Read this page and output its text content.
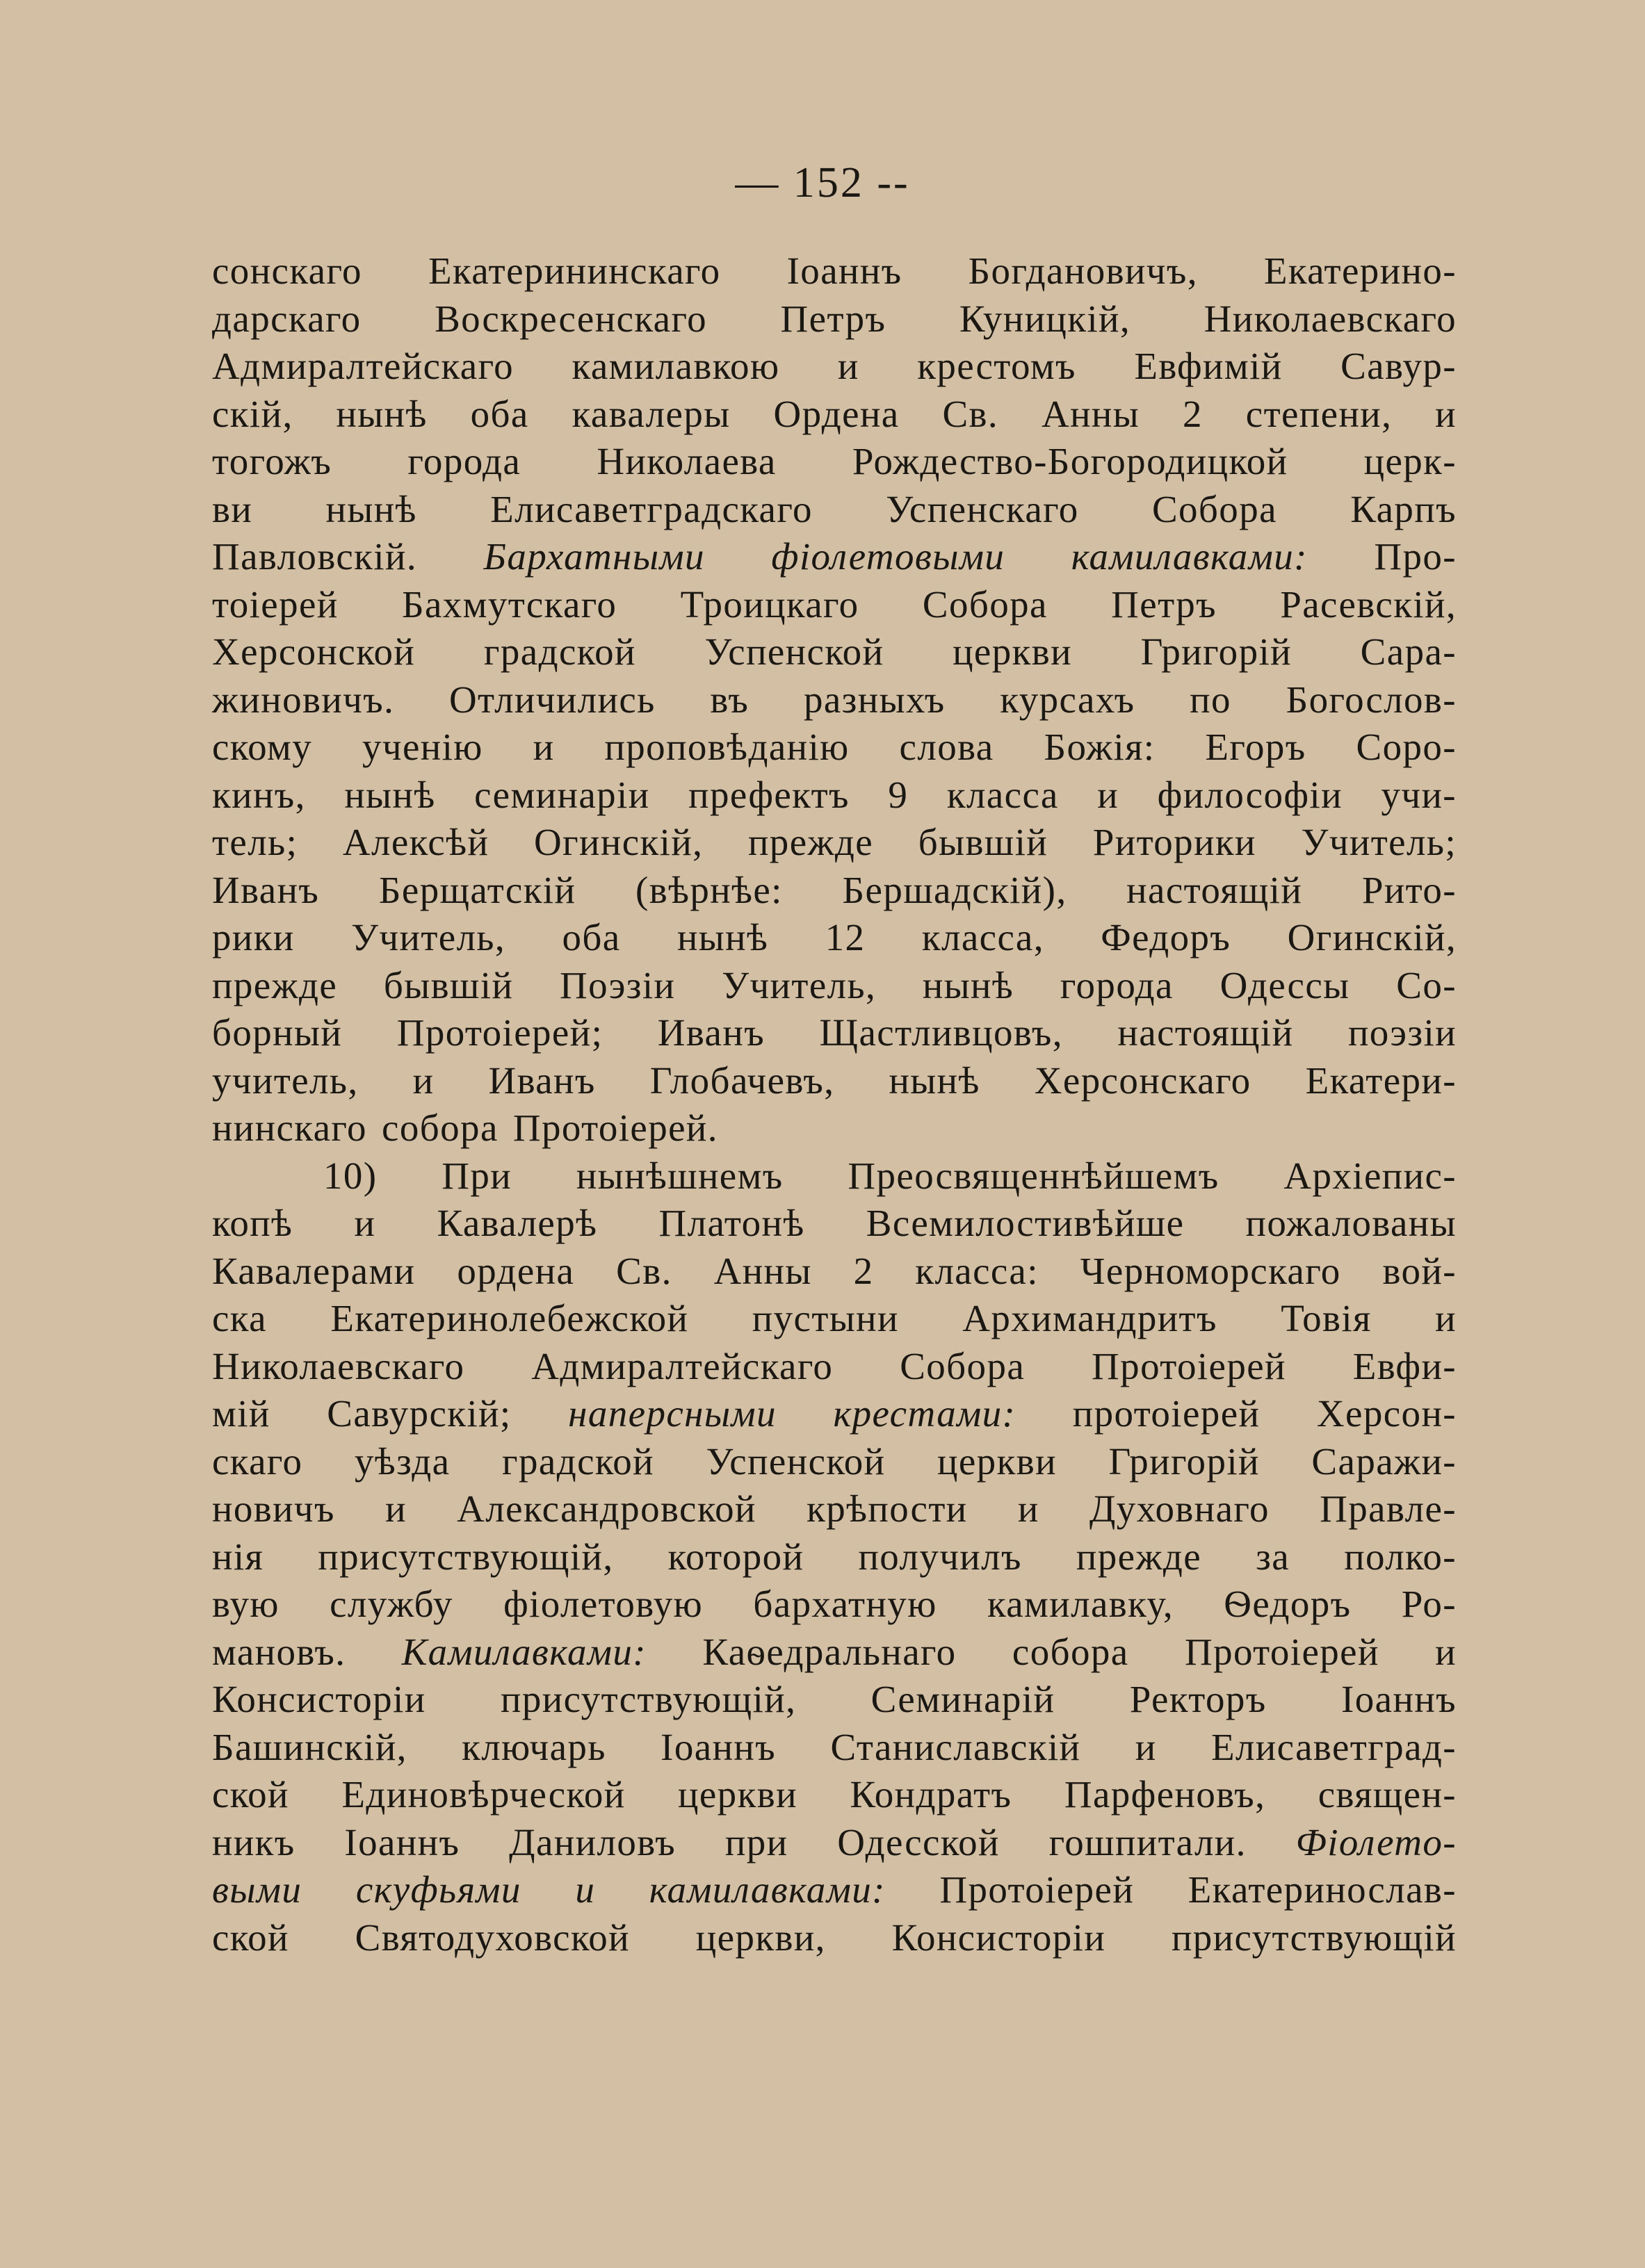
— 152 --
сонскаго Екатерининскаго Іоаннъ Богдановичъ, Екатерино-
дарскаго Воскресенскаго Петръ Куницкій, Николаевскаго
Адмиралтейскаго камилавкою и крестомъ Евфимій Савур-
скій, нынѣ оба кавалеры Ордена Св. Анны 2 степени, и
тогожъ города Николаева Рождество-Богородицкой церк-
ви нынѣ Елисаветградскаго Успенскаго Собора Карпъ
Павловскій. Бархатными фіолетовыми камилавками: Про-
тоіерей Бахмутскаго Троицкаго Собора Петръ Расевскій,
Херсонской градской Успенской церкви Григорій Сара-
жиновичъ. Отличились въ разныхъ курсахъ по Богослов-
скому ученію и проповѣданію слова Божія: Егоръ Соро-
кинъ, нынѣ семинаріи префектъ 9 класса и философіи учи-
тель; Алексѣй Огинскій, прежде бывшій Риторики Учитель;
Иванъ Берщатскій (вѣрнѣе: Бершадскій), настоящій Рито-
рики Учитель, оба нынѣ 12 класса, Федоръ Огинскій,
прежде бывшій Поэзіи Учитель, нынѣ города Одессы Со-
борный Протоіерей; Иванъ Щастливцовъ, настоящій поэзіи
учитель, и Иванъ Глобачевъ, нынѣ Херсонскаго Екатери-
нинскаго собора Протоіерей.
10) При нынѣшнемъ Преосвященнѣйшемъ Архіепис-
копѣ и Кавалерѣ Платонѣ Всемилостивѣйше пожалованы
Кавалерами ордена Св. Анны 2 класса: Черноморскаго вой-
ска Екатеринолебежской пустыни Архимандритъ Товія и
Николаевскаго Адмиралтейскаго Собора Протоіерей Евфи-
мій Савурскій; наперсными крестами: протоіерей Херсон-
скаго уѣзда градской Успенской церкви Григорій Саражи-
новичъ и Александровской крѣпости и Духовнаго Правле-
нія присутствующій, которой получилъ прежде за полко-
вую службу фіолетовую бархатную камилавку, Ѳедоръ Ро-
мановъ. Камилавками: Каѳедральнаго собора Протоіерей и
Консисторіи присутствующій, Семинарій Ректоръ Іоаннъ
Башинскій, ключарь Іоаннъ Станиславскій и Елисаветград-
ской Единовѣрческой церкви Кондратъ Парфеновъ, священ-
никъ Іоаннъ Даниловъ при Одесской гошпитали. Фіолето-
выми скуфьями и камилавками: Протоіерей Екатеринослав-
ской Святодуховской церкви, Консисторіи присутствующій
